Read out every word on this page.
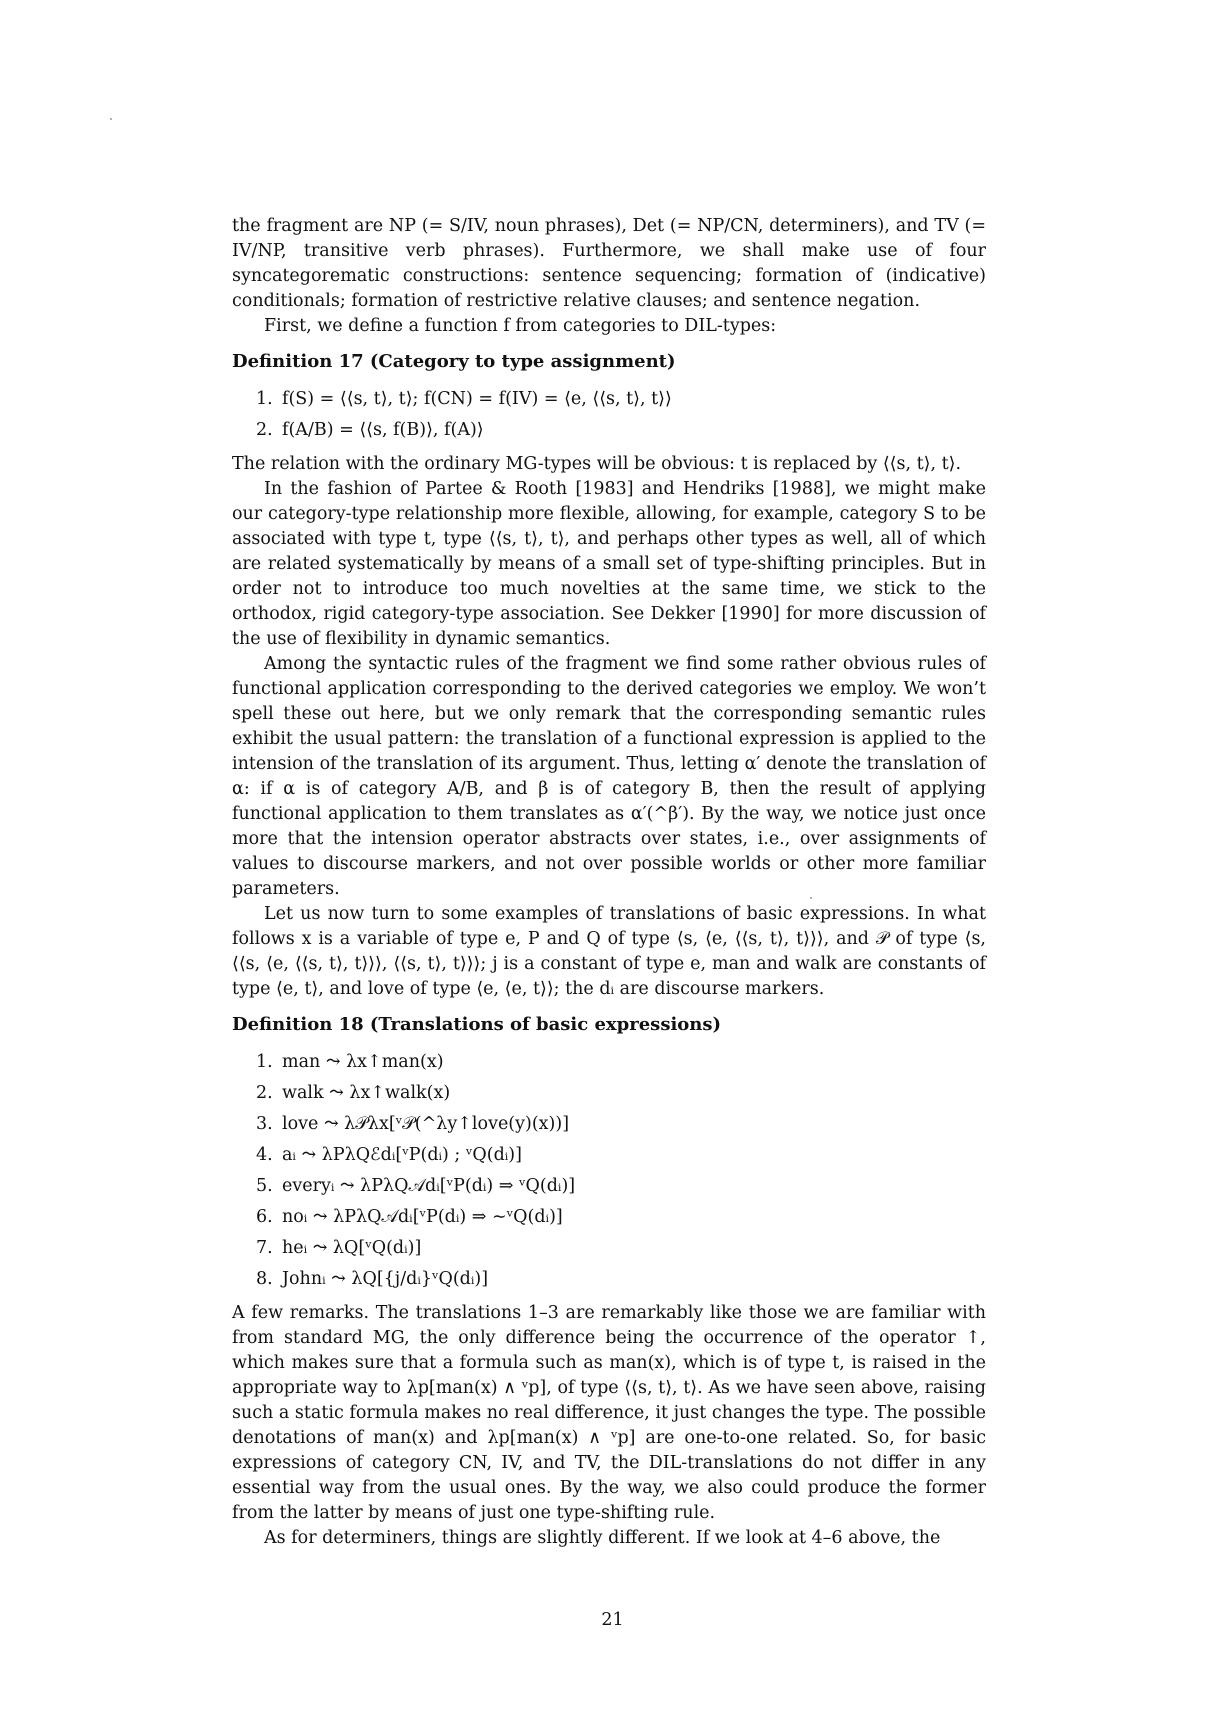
the fragment are NP (= S/IV, noun phrases), Det (= NP/CN, determiners), and TV (= IV/NP, transitive verb phrases). Furthermore, we shall make use of four syncategorematic constructions: sentence sequencing; formation of (indicative) conditionals; formation of restrictive relative clauses; and sentence negation.

First, we define a function f from categories to DIL-types:

Definition 17 (Category to type assignment)
1. f(S) = ⟨⟨s, t⟩, t⟩; f(CN) = f(IV) = ⟨e, ⟨⟨s, t⟩, t⟩⟩
2. f(A/B) = ⟨⟨s, f(B)⟩, f(A)⟩

The relation with the ordinary MG-types will be obvious: t is replaced by ⟨⟨s, t⟩, t⟩.

In the fashion of Partee & Rooth [1983] and Hendriks [1988], we might make our category-type relationship more flexible, allowing, for example, category S to be associated with type t, type ⟨⟨s, t⟩, t⟩, and perhaps other types as well, all of which are related systematically by means of a small set of type-shifting principles. But in order not to introduce too much novelties at the same time, we stick to the orthodox, rigid category-type association. See Dekker [1990] for more discussion of the use of flexibility in dynamic semantics.

Among the syntactic rules of the fragment we find some rather obvious rules of functional application corresponding to the derived categories we employ. We won’t spell these out here, but we only remark that the corresponding semantic rules exhibit the usual pattern: the translation of a functional expression is applied to the intension of the translation of its argument. Thus, letting α′ denote the translation of α: if α is of category A/B, and β is of category B, then the result of applying functional application to them translates as α′(^β′). By the way, we notice just once more that the intension operator abstracts over states, i.e., over assignments of values to discourse markers, and not over possible worlds or other more familiar parameters.

Let us now turn to some examples of translations of basic expressions. In what follows x is a variable of type e, P and Q of type ⟨s, ⟨e, ⟨⟨s, t⟩, t⟩⟩⟩, and 𝒫 of type ⟨s, ⟨⟨s, ⟨e, ⟨⟨s, t⟩, t⟩⟩⟩, ⟨⟨s, t⟩, t⟩⟩⟩; j is a constant of type e, man and walk are constants of type ⟨e, t⟩, and love of type ⟨e, ⟨e, t⟩⟩; the dᵢ are discourse markers.

Definition 18 (Translations of basic expressions)
1. man ⤳ λx↑man(x)
2. walk ⤳ λx↑walk(x)
3. love ⤳ λ𝒫λx[ᵛ𝒫(^λy↑love(y)(x))]
4. aᵢ ⤳ λPλQℰdᵢ[ᵛP(dᵢ) ; ᵛQ(dᵢ)]
5. everyᵢ ⤳ λPλQ𝒜dᵢ[ᵛP(dᵢ) ⇒ ᵛQ(dᵢ)]
6. noᵢ ⤳ λPλQ𝒜dᵢ[ᵛP(dᵢ) ⇒ ∼ᵛQ(dᵢ)]
7. heᵢ ⤳ λQ[ᵛQ(dᵢ)]
8. Johnᵢ ⤳ λQ[{j/dᵢ}ᵛQ(dᵢ)]

A few remarks. The translations 1–3 are remarkably like those we are familiar with from standard MG, the only difference being the occurrence of the operator ↑, which makes sure that a formula such as man(x), which is of type t, is raised in the appropriate way to λp[man(x) ∧ ᵛp], of type ⟨⟨s, t⟩, t⟩. As we have seen above, raising such a static formula makes no real difference, it just changes the type. The possible denotations of man(x) and λp[man(x) ∧ ᵛp] are one-to-one related. So, for basic expressions of category CN, IV, and TV, the DIL-translations do not differ in any essential way from the usual ones. By the way, we also could produce the former from the latter by means of just one type-shifting rule.

As for determiners, things are slightly different. If we look at 4–6 above, the

21
